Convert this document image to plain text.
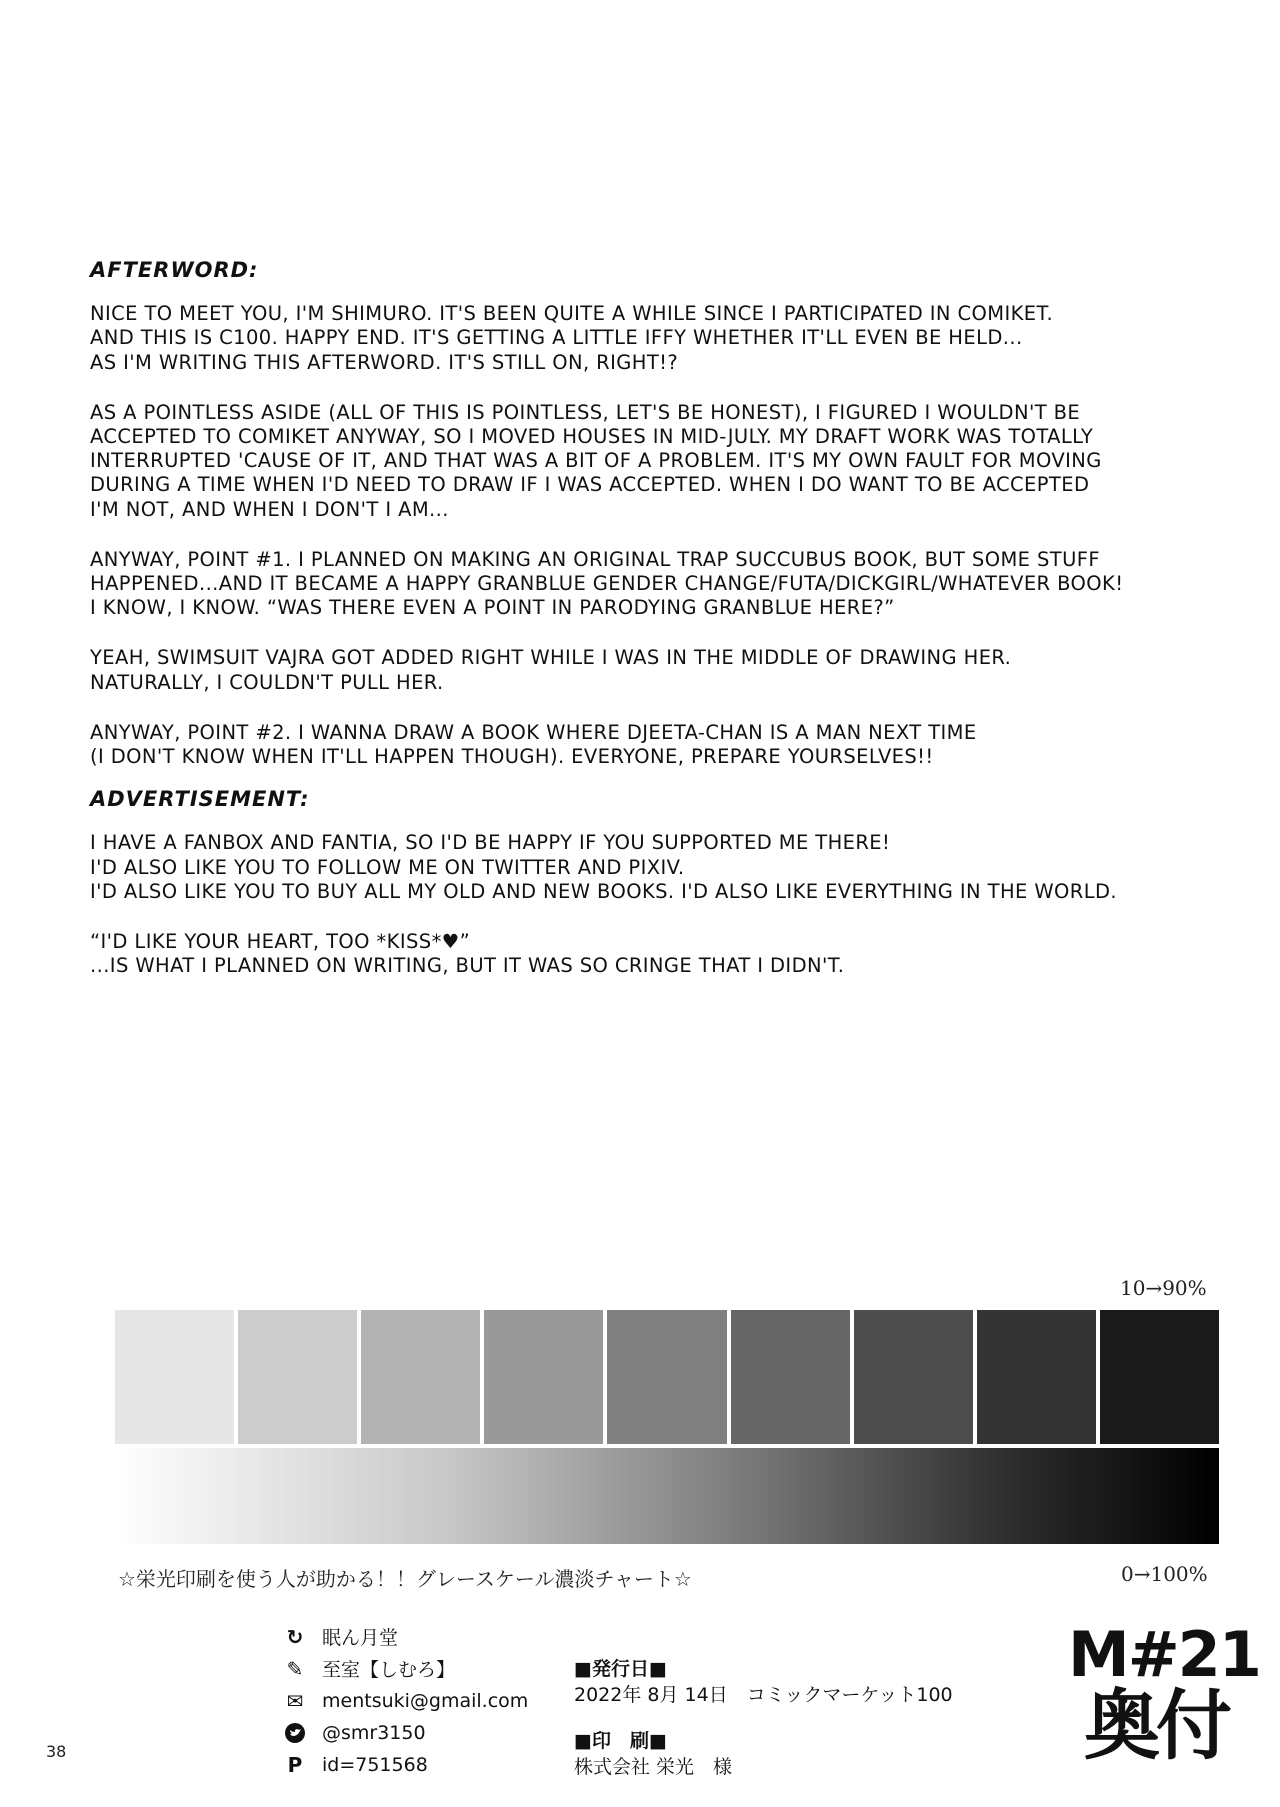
AFTERWORD:
NICE TO MEET YOU, I'M SHIMURO. IT'S BEEN QUITE A WHILE SINCE I PARTICIPATED IN COMIKET.
AND THIS IS C100. HAPPY END. IT'S GETTING A LITTLE IFFY WHETHER IT'LL EVEN BE HELD...
AS I'M WRITING THIS AFTERWORD. IT'S STILL ON, RIGHT!?
AS A POINTLESS ASIDE (ALL OF THIS IS POINTLESS, LET'S BE HONEST), I FIGURED I WOULDN'T BE
ACCEPTED TO COMIKET ANYWAY, SO I MOVED HOUSES IN MID-JULY. MY DRAFT WORK WAS TOTALLY
INTERRUPTED 'CAUSE OF IT, AND THAT WAS A BIT OF A PROBLEM. IT'S MY OWN FAULT FOR MOVING
DURING A TIME WHEN I'D NEED TO DRAW IF I WAS ACCEPTED. WHEN I DO WANT TO BE ACCEPTED
I'M NOT, AND WHEN I DON'T I AM...
ANYWAY, POINT #1. I PLANNED ON MAKING AN ORIGINAL TRAP SUCCUBUS BOOK, BUT SOME STUFF
HAPPENED...AND IT BECAME A HAPPY GRANBLUE GENDER CHANGE/FUTA/DICKGIRL/WHATEVER BOOK!
I KNOW, I KNOW. “WAS THERE EVEN A POINT IN PARODYING GRANBLUE HERE?”
YEAH, SWIMSUIT VAJRA GOT ADDED RIGHT WHILE I WAS IN THE MIDDLE OF DRAWING HER.
NATURALLY, I COULDN'T PULL HER.
ANYWAY, POINT #2. I WANNA DRAW A BOOK WHERE DJEETA-CHAN IS A MAN NEXT TIME
(I DON'T KNOW WHEN IT'LL HAPPEN THOUGH). EVERYONE, PREPARE YOURSELVES!!
ADVERTISEMENT:
I HAVE A FANBOX AND FANTIA, SO I'D BE HAPPY IF YOU SUPPORTED ME THERE!
I'D ALSO LIKE YOU TO FOLLOW ME ON TWITTER AND PIXIV.
I'D ALSO LIKE YOU TO BUY ALL MY OLD AND NEW BOOKS. I'D ALSO LIKE EVERYTHING IN THE WORLD.
“I'D LIKE YOUR HEART, TOO *KISS*♥”
...IS WHAT I PLANNED ON WRITING, BUT IT WAS SO CRINGE THAT I DIDN'T.
10→90%
☆栄光印刷を使う人が助かる！！グレースケール濃淡チャート☆	0→100%
↻ 眠ん月堂
✎ 至室【しむろ】
✉ mentsuki@gmail.com
@smr3150
P id=751568
■発行日■
2022年 8月 14日　コミックマーケット100
■印　刷■
株式会社 栄光　様
M#21
奥付
38
